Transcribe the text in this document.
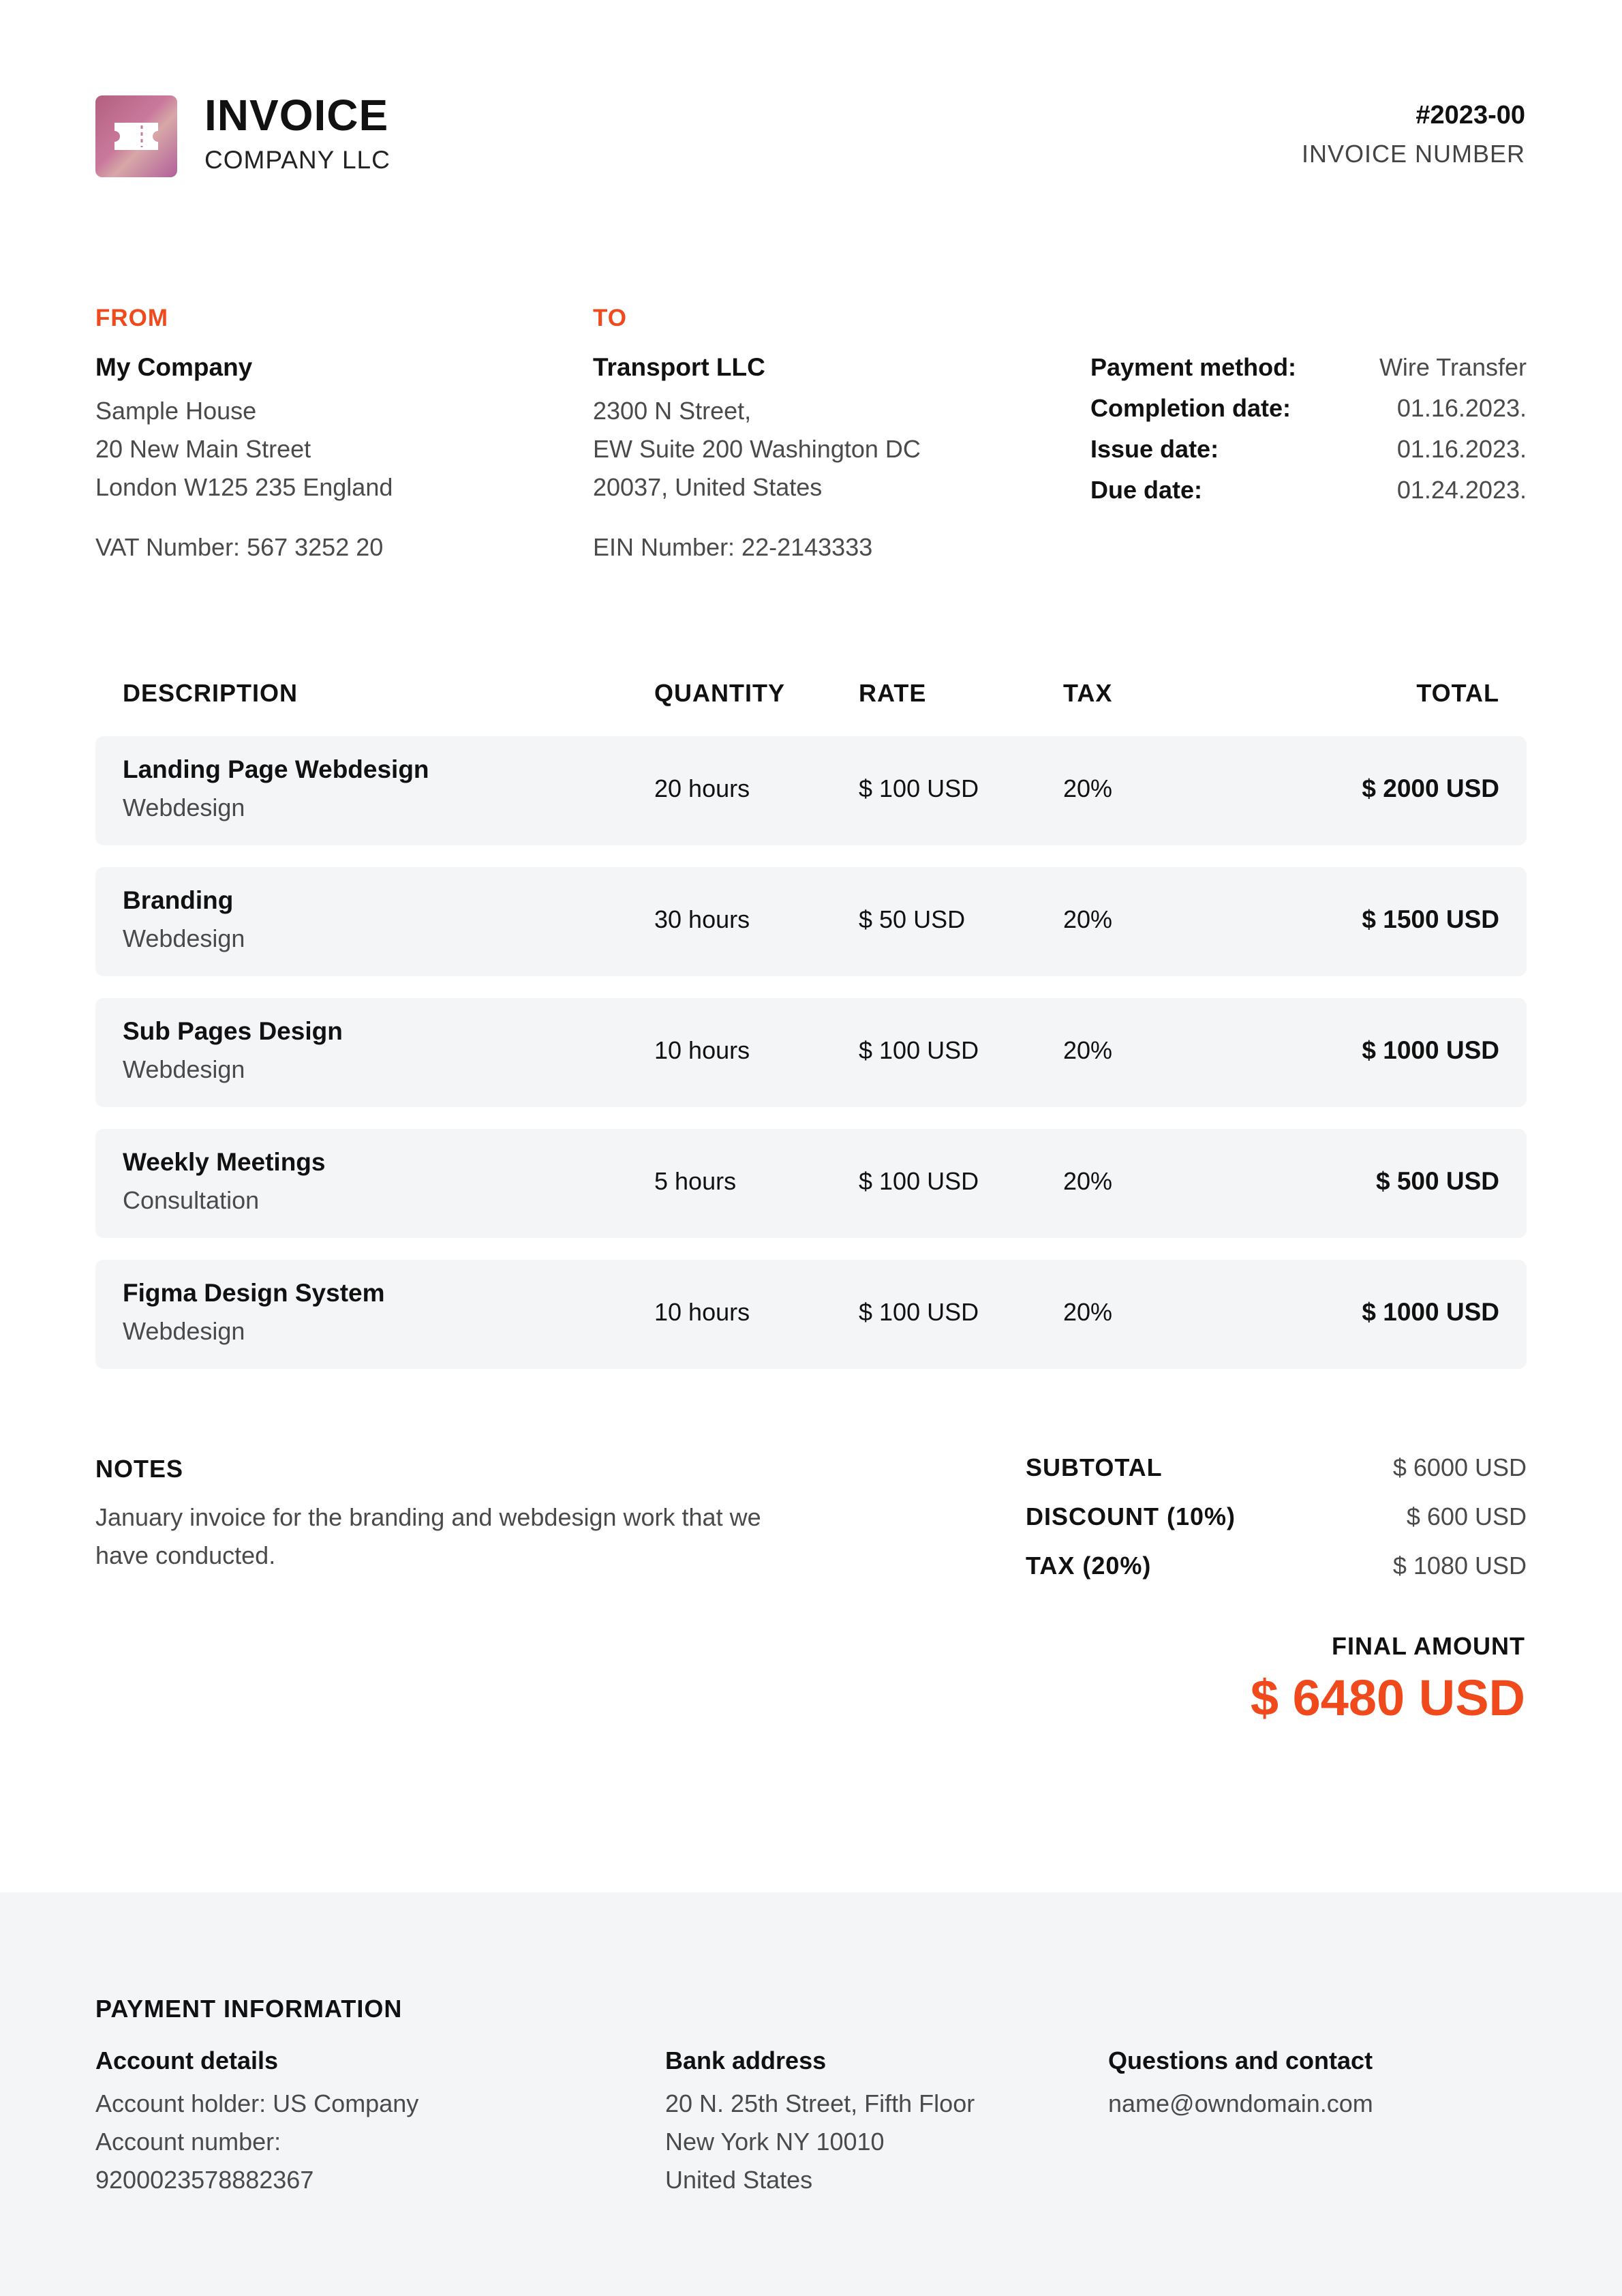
INVOICE
COMPANY LLC
#2023-00
INVOICE NUMBER
FROM
My Company
Sample House
20 New Main Street
London W125 235 England
VAT Number: 567 3252 20
TO
Transport LLC
2300 N Street,
EW Suite 200 Washington DC
20037, United States
EIN Number: 22-2143333
Payment method:	Wire Transfer
Completion date:	01.16.2023.
Issue date:	01.16.2023.
Due date:	01.24.2023.
DESCRIPTION	QUANTITY	RATE	TAX	TOTAL
Landing Page Webdesign
Webdesign
20 hours	$ 100 USD	20%	$ 2000 USD
Branding
Webdesign
30 hours	$ 50 USD	20%	$ 1500 USD
Sub Pages Design
Webdesign
10 hours	$ 100 USD	20%	$ 1000 USD
Weekly Meetings
Consultation
5 hours	$ 100 USD	20%	$ 500 USD
Figma Design System
Webdesign
10 hours	$ 100 USD	20%	$ 1000 USD
NOTES
January invoice for the branding and webdesign work that we have conducted.
SUBTOTAL	$ 6000 USD
DISCOUNT (10%)	$ 600 USD
TAX (20%)	$ 1080 USD
FINAL AMOUNT
$ 6480 USD
PAYMENT INFORMATION
Account details
Account holder: US Company
Account number:
9200023578882367
Bank address
20 N. 25th Street, Fifth Floor
New York NY 10010
United States
Questions and contact
name@owndomain.com
